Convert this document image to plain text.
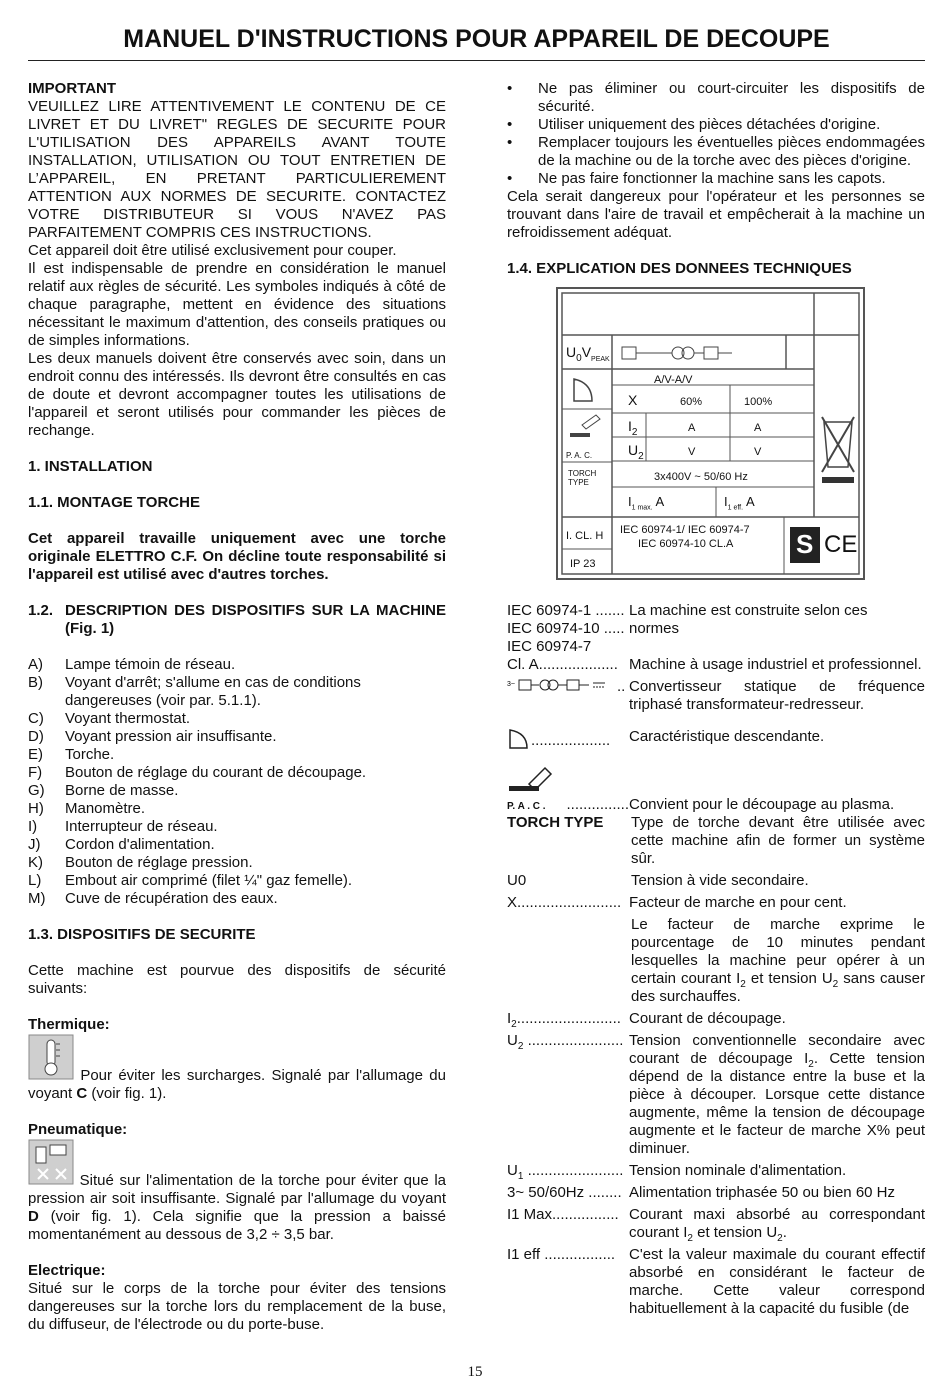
MANUEL D'INSTRUCTIONS POUR APPAREIL DE DECOUPE

IMPORTANT

VEUILLEZ LIRE ATTENTIVEMENT LE CONTENU DE CE LIVRET ET DU LIVRET" REGLES DE SECURITE POUR L'UTILISATION DES APPAREILS AVANT TOUTE INSTALLATION, UTILISATION OU TOUT ENTRETIEN DE L’APPAREIL, EN PRETANT PARTICULIEREMENT ATTENTION AUX NORMES DE SECURITE. CONTACTEZ VOTRE DISTRIBUTEUR SI VOUS N'AVEZ PAS PARFAITEMENT COMPRIS CES INSTRUCTIONS.

Cet appareil doit être utilisé exclusivement pour couper.

Il est indispensable de prendre en considération le manuel relatif aux règles de sécurité. Les symboles indiqués à côté de chaque paragraphe, mettent en évidence des situations nécessitant le maximum d'attention, des conseils pratiques ou de simples informations.

Les deux manuels doivent être conservés avec soin, dans un endroit connu des intéressés. Ils devront être consultés en cas de doute et devront accompagner toutes les utilisations de l'appareil et seront utilisés pour commander les pièces de rechange.

1. INSTALLATION

1.1. MONTAGE TORCHE

Cet appareil travaille uniquement avec une torche originale ELETTRO C.F. On décline toute responsabilité si l'appareil est utilisé avec d'autres torches.

1.2. DESCRIPTION DES DISPOSITIFS SUR LA MACHINE (Fig. 1)
A)	Lampe témoin de réseau.
B)	Voyant d'arrêt; s'allume en cas de conditions dangereuses (voir par. 5.1.1).
C)	Voyant thermostat.
D)	Voyant pression air insuffisante.
E)	Torche.
F)	Bouton de réglage du courant de découpage.
G)	Borne de masse.
H)	Manomètre.
I)	Interrupteur de réseau.
J)	Cordon d'alimentation.
K)	Bouton de réglage pression.
L)	Embout air comprimé (filet ¼" gaz femelle).
M)	Cuve de récupération des eaux.

1.3. DISPOSITIFS DE SECURITE

Cette machine est pourvue des dispositifs de sécurité suivants:

Thermique:

Pour éviter les surcharges. Signalé par l'allumage du voyant C (voir fig. 1).

Pneumatique:

Situé sur l'alimentation de la torche pour éviter que la pression air soit insuffisante. Signalé par l'allumage du voyant D (voir fig. 1). Cela signifie que la pression a baissé momentanément au dessous de 3,2 ÷ 3,5 bar.

Electrique:

Situé sur le corps de la torche pour éviter des tensions dangereuses sur la torche lors du remplacement de la buse, du diffuseur, de l'électrode ou du porte-buse.

•	Ne pas éliminer ou court-circuiter les dispositifs de sécurité.
•	Utiliser uniquement des pièces détachées d'origine.
•	Remplacer toujours les éventuelles pièces endommagées de la machine ou de la torche avec des pièces d'origine.
•	Ne pas faire fonctionner la machine sans les capots.

Cela serait dangereux pour l'opérateur et les personnes se trouvant dans l'aire de travail et empêcherait à la machine un refroidissement adéquat.

1.4. EXPLICATION DES DONNEES TECHNIQUES

$U_0V_{PEAK}$
A/V-A/V
X	60%	100%
$I_2$	A	A
$U_2$	V	V
P. A. C.
TORCH TYPE	3x400V ~ 50/60 Hz
$I_{1 max.}$ A	$I_{1 eff.}$ A
I. CL. H
IP 23
IEC 60974-1/ IEC 60974-7
IEC 60974-10 CL.A S CE
IEC 60974-1 ....... La machine est construite selon ces
IEC 60974-10 ..... normes
IEC 60974-7
Cl. A................... Machine à usage industriel et professionnel.
3~	.. Convertisseur statique de fréquence triphasé transformateur-redresseur.
................... Caractéristique descendante.
P. A . C . ............... Convient pour le découpage au plasma.
TORCH TYPE	Type de torche devant être utilisée avec cette machine afin de former un système sûr.
U0	Tension à vide secondaire.
X......................... Facteur de marche en pour cent.
Le facteur de marche exprime le pourcentage de 10 minutes pendant lesquelles la machine peur opérer à un certain courant $I_2$ et tension $U_2$ sans causer des surchauffes.
$I_2$......................... Courant de découpage.
$U_2$ ....................... Tension conventionnelle secondaire avec courant de découpage $I_2$. Cette tension dépend de la distance entre la buse et la pièce à découper. Lorsque cette distance augmente, même la tension de découpage augmente et le facteur de marche X% peut diminuer.
$U_1$ ....................... Tension nominale d'alimentation.
3~ 50/60Hz ........ Alimentation triphasée 50 ou bien 60 Hz
I1 Max................ Courant maxi absorbé au correspondant courant $I_2$ et tension $U_2$.
I1 eff ................. C'est la valeur maximale du courant effectif absorbé en considérant le facteur de marche. Cette valeur correspond habituellement à la capacité du fusible (de
15
